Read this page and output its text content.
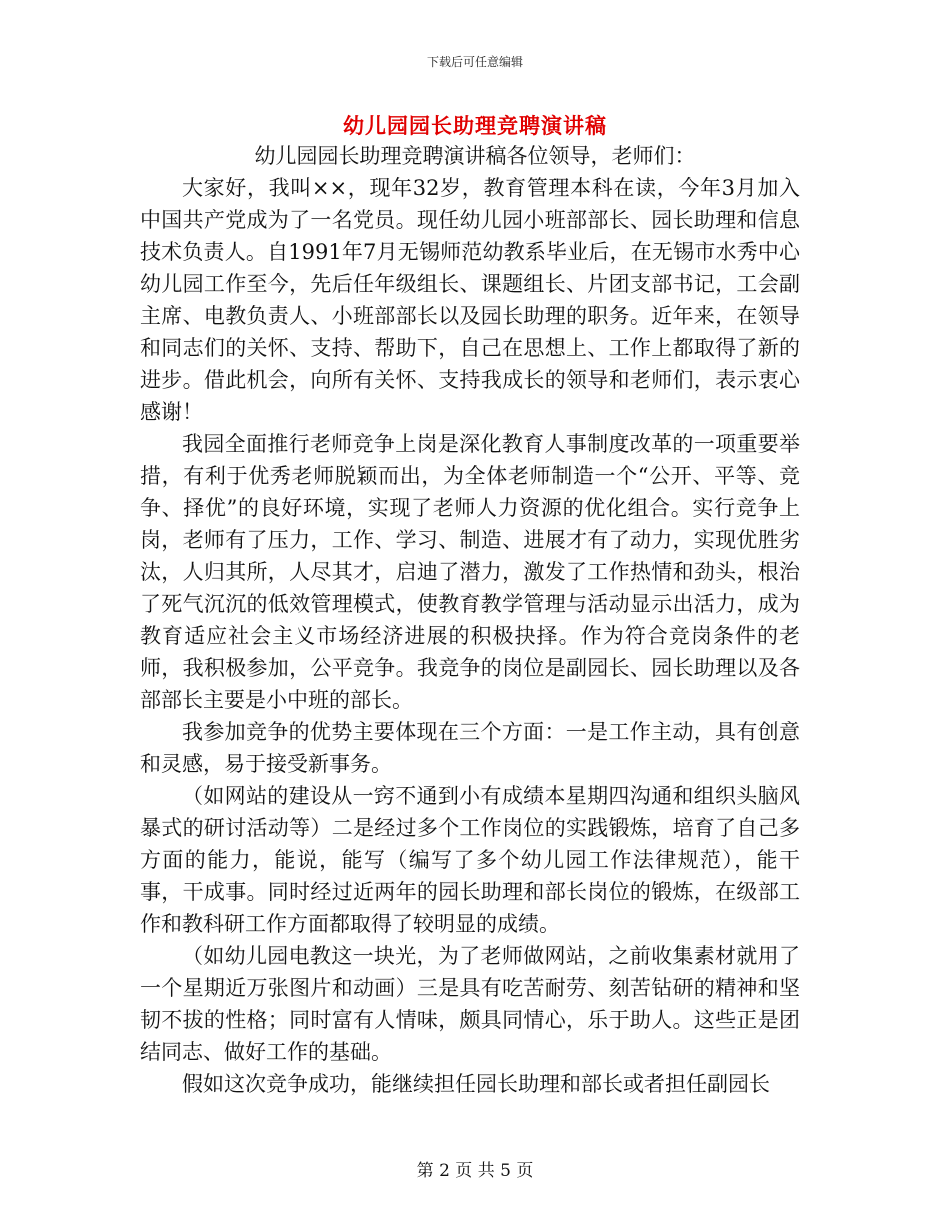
下载后可任意编辑
幼儿园园长助理竞聘演讲稿
幼儿园园长助理竞聘演讲稿各位领导，老师们：

大家好，我叫××，现年32岁，教育管理本科在读，今年3月加入中国共产党成为了一名党员。现任幼儿园小班部部长、园长助理和信息技术负责人。自1991年7月无锡师范幼教系毕业后，在无锡市水秀中心幼儿园工作至今，先后任年级组长、课题组长、片团支部书记，工会副主席、电教负责人、小班部部长以及园长助理的职务。近年来，在领导和同志们的关怀、支持、帮助下，自己在思想上、工作上都取得了新的进步。借此机会，向所有关怀、支持我成长的领导和老师们，表示衷心感谢！

我园全面推行老师竞争上岗是深化教育人事制度改革的一项重要举措，有利于优秀老师脱颖而出，为全体老师制造一个“公开、平等、竞争、择优”的良好环境，实现了老师人力资源的优化组合。实行竞争上岗，老师有了压力，工作、学习、制造、进展才有了动力，实现优胜劣汰，人归其所，人尽其才，启迪了潜力，激发了工作热情和劲头，根治了死气沉沉的低效管理模式，使教育教学管理与活动显示出活力，成为教育适应社会主义市场经济进展的积极抉择。作为符合竞岗条件的老师，我积极参加，公平竞争。我竞争的岗位是副园长、园长助理以及各部部长主要是小中班的部长。

我参加竞争的优势主要体现在三个方面：一是工作主动，具有创意和灵感，易于接受新事务。

（如网站的建设从一窍不通到小有成绩本星期四沟通和组织头脑风暴式的研讨活动等）二是经过多个工作岗位的实践锻炼，培育了自己多方面的能力，能说，能写（编写了多个幼儿园工作法律规范），能干事，干成事。同时经过近两年的园长助理和部长岗位的锻炼，在级部工作和教科研工作方面都取得了较明显的成绩。

（如幼儿园电教这一块光，为了老师做网站，之前收集素材就用了一个星期近万张图片和动画）三是具有吃苦耐劳、刻苦钻研的精神和坚韧不拔的性格；同时富有人情味，颇具同情心，乐于助人。这些正是团结同志、做好工作的基础。

假如这次竞争成功，能继续担任园长助理和部长或者担任副园长

第 2 页 共 5 页
